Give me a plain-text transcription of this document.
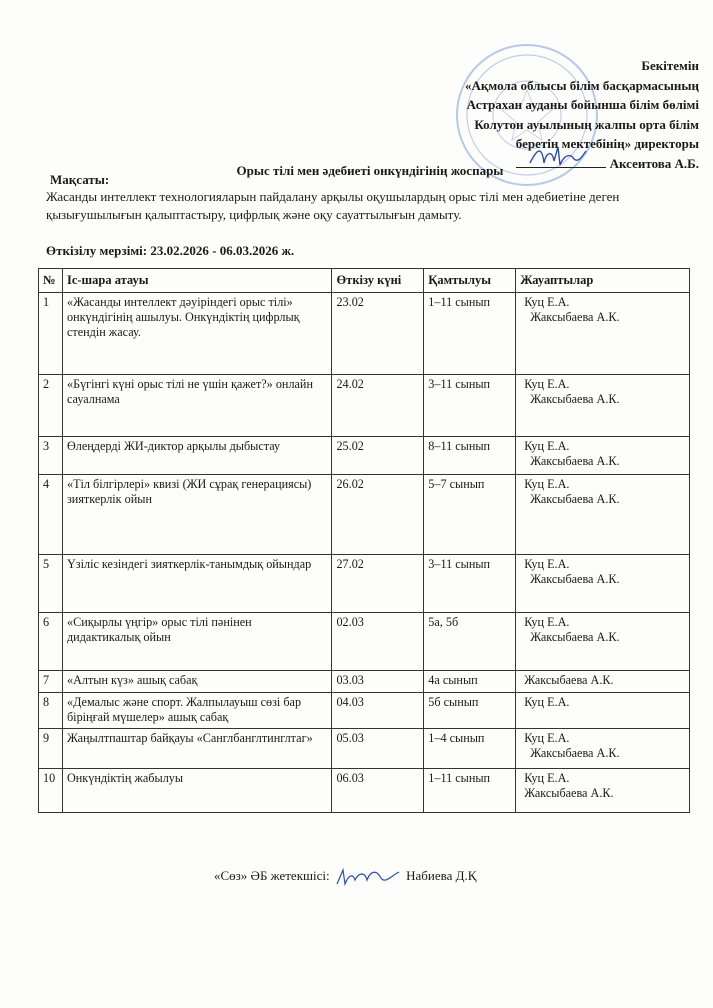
Бекітемін
«Ақмола облысы білім басқармасының
Астрахан ауданы бойынша білім бөлімі
Колутон ауылының жалпы орта білім
беретін мектебінің» директоры
Аксеитова А.Б.
Орыс тілі мен әдебиеті онкүндігінің жоспары
Мақсаты:
Жасанды интеллект технологияларын пайдалану арқылы оқушылардың орыс тілі мен әдебиетіне деген қызығушылығын қалыптастыру, цифрлық және оқу сауаттылығын дамыту.
Өткізілу мерзімі: 23.02.2026 - 06.03.2026 ж.
№	Іс-шара атауы	Өткізу күні	Қамтылуы	Жауаптылар
1	«Жасанды интеллект дәуіріндегі орыс тілі» онкүндігінің ашылуы. Онкүндіктің цифрлық стендін жасау.	23.02	1–11 сынып	Куц Е.А.
Жаксыбаева А.К.

2	«Бүгінгі күні орыс тілі не үшін қажет?» онлайн сауалнама	24.02	3–11 сынып	Куц Е.А.
Жаксыбаева А.К.

3	Өлеңдерді ЖИ-диктор арқылы дыбыстау	25.02	8–11 сынып	Куц Е.А.
Жаксыбаева А.К.

4	«Тіл білгірлері» квизі (ЖИ сұрақ генерациясы) зияткерлік ойын	26.02	5–7 сынып	Куц Е.А.
Жаксыбаева А.К.

5	Үзіліс кезіндегі зияткерлік-танымдық ойындар	27.02	3–11 сынып	Куц Е.А.
Жаксыбаева А.К.

6	«Сиқырлы үңгір» орыс тілі пәнінен дидактикалық ойын	02.03	5а, 5б	Куц Е.А.
Жаксыбаева А.К.

7	«Алтын күз» ашық сабақ	03.03	4а сынып	Жаксыбаева А.К.

8	«Демалыс және спорт. Жалпылауыш сөзі бар біріңғай мүшелер» ашық сабақ	04.03	5б сынып	Куц Е.А.

9	Жаңылтпаштар байқауы «Санглбанглтинглтаг»	05.03	1–4 сынып	Куц Е.А.
Жаксыбаева А.К.

10	Онкүндіктің жабылуы	06.03	1–11 сынып	Куц Е.А.
Жаксыбаева А.К.
«Сөз» ӘБ жетекшісі:	Набиева Д.Қ
